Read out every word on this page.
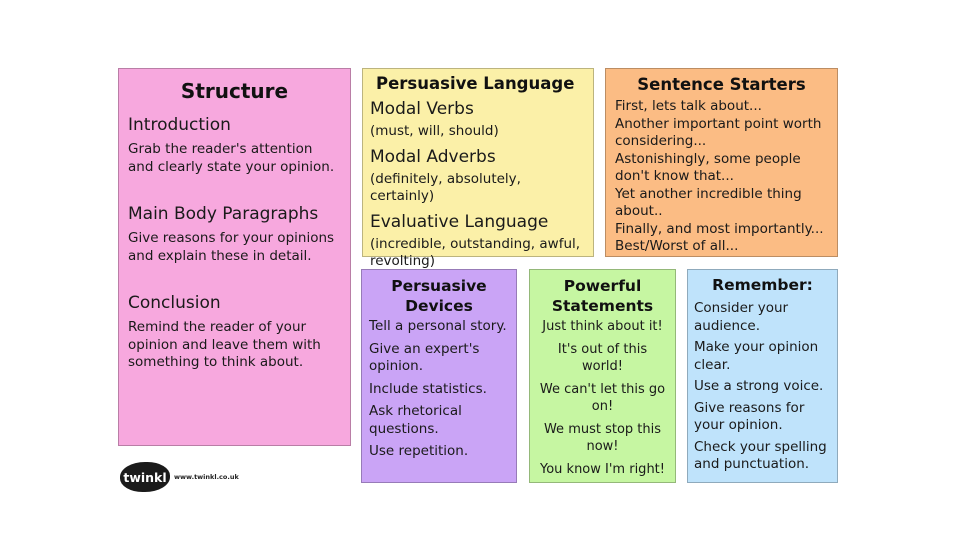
Structure
Introduction

Grab the reader's attention and clearly state your opinion.

Main Body Paragraphs

Give reasons for your opinions and explain these in detail.

Conclusion

Remind the reader of your opinion and leave them with something to think about.

Persuasive Language
Modal Verbs

(must, will, should)

Modal Adverbs

(definitely, absolutely, certainly)

Evaluative Language

(incredible, outstanding, awful, revolting)

Sentence Starters

First, lets talk about...

Another important point worth considering...

Astonishingly, some people don't know that...

Yet another incredible thing about..

Finally, and most importantly...

Best/Worst of all...

Persuasive Devices

Tell a personal story.

Give an expert's opinion.

Include statistics.

Ask rhetorical questions.

Use repetition.

Powerful Statements

Just think about it!

It's out of this world!

We can't let this go on!

We must stop this now!

You know I'm right!

Remember:

Consider your audience.

Make your opinion clear.

Use a strong voice.

Give reasons for your opinion.

Check your spelling and punctuation.

twinkl	www.twinkl.co.uk
